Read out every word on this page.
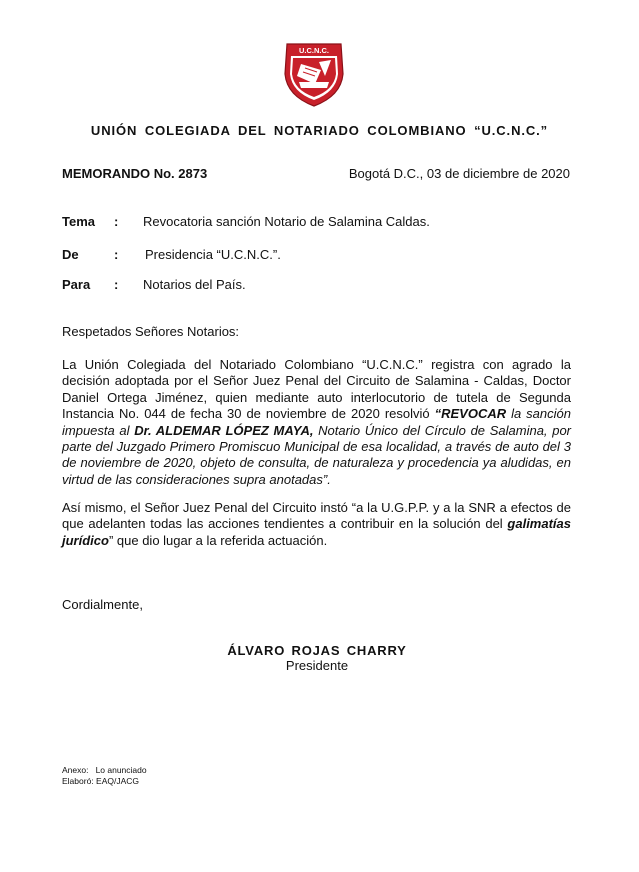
U.C.N.C.
UNIÓN COLEGIADA DEL NOTARIADO COLOMBIANO “U.C.N.C.”
MEMORANDO No. 2873	Bogotá D.C., 03 de diciembre de 2020
Tema : Revocatoria sanción Notario de Salamina Caldas.
De	: Presidencia “U.C.N.C.”.
Para : Notarios del País.
Respetados Señores Notarios:

La Unión Colegiada del Notariado Colombiano “U.C.N.C.” registra con agrado la decisión adoptada por el Señor Juez Penal del Circuito de Salamina - Caldas, Doctor Daniel Ortega Jiménez, quien mediante auto interlocutorio de tutela de Segunda Instancia No. 044 de fecha 30 de noviembre de 2020 resolvió “REVOCAR la sanción impuesta al Dr. ALDEMAR LÓPEZ MAYA, Notario Único del Círculo de Salamina, por parte del Juzgado Primero Promiscuo Municipal de esa localidad, a través de auto del 3 de noviembre de 2020, objeto de consulta, de naturaleza y procedencia ya aludidas, en virtud de las consideraciones supra anotadas”.

Así mismo, el Señor Juez Penal del Circuito instó “a la U.G.P.P. y a la SNR a efectos de que adelanten todas las acciones tendientes a contribuir en la solución del galimatías jurídico” que dio lugar a la referida actuación.

Cordialmente,
ÁLVARO ROJAS CHARRY
Presidente
Anexo: Lo anunciado
Elaboró: EAQ/JACG
